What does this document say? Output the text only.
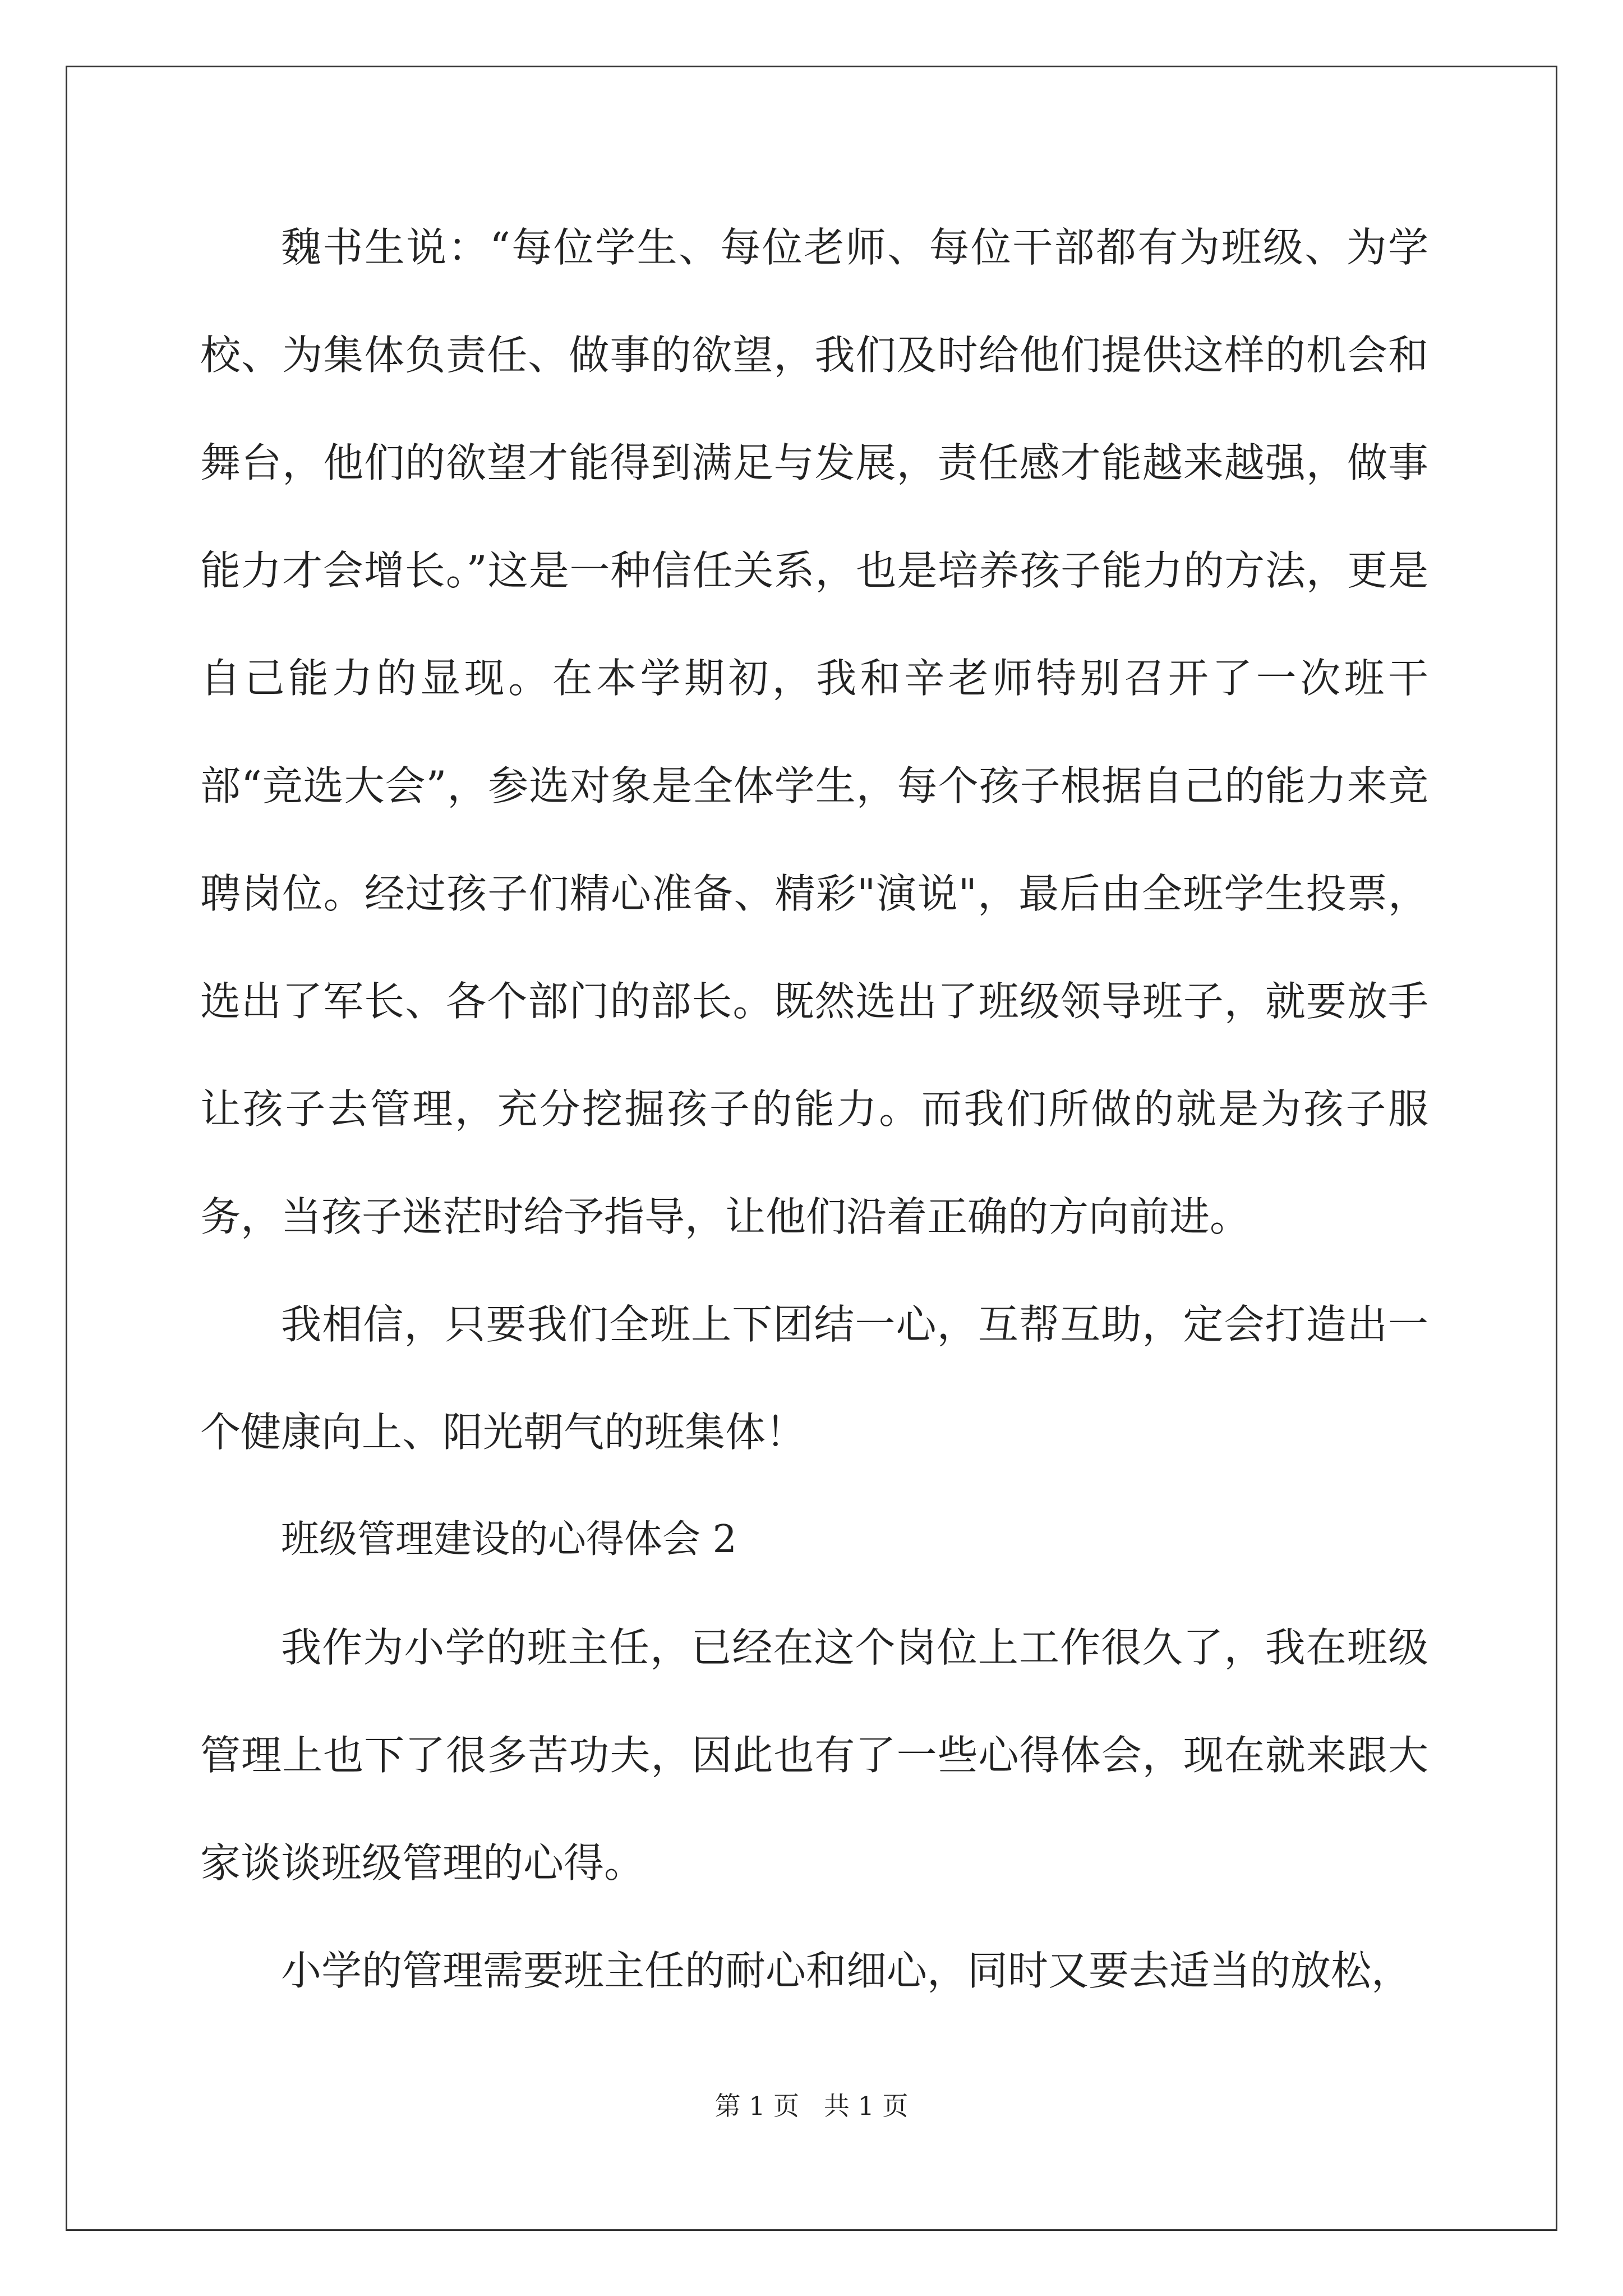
魏书生说：“每位学生、每位老师、每位干部都有为班级、为学校、为集体负责任、做事的欲望，我们及时给他们提供这样的机会和舞台，他们的欲望才能得到满足与发展，责任感才能越来越强，做事能力才会增长。”这是一种信任关系，也是培养孩子能力的方法，更是自己能力的显现。在本学期初，我和辛老师特别召开了一次班干部“竞选大会”，参选对象是全体学生，每个孩子根据自己的能力来竞聘岗位。经过孩子们精心准备、精彩"演说"，最后由全班学生投票，选出了军长、各个部门的部长。既然选出了班级领导班子，就要放手让孩子去管理，充分挖掘孩子的能力。而我们所做的就是为孩子服务，当孩子迷茫时给予指导，让他们沿着正确的方向前进。

我相信，只要我们全班上下团结一心，互帮互助，定会打造出一个健康向上、阳光朝气的班集体！

班级管理建设的心得体会 2

我作为小学的班主任，已经在这个岗位上工作很久了，我在班级管理上也下了很多苦功夫，因此也有了一些心得体会，现在就来跟大家谈谈班级管理的心得。

小学的管理需要班主任的耐心和细心，同时又要去适当的放松，

第 1 页   共 1 页
